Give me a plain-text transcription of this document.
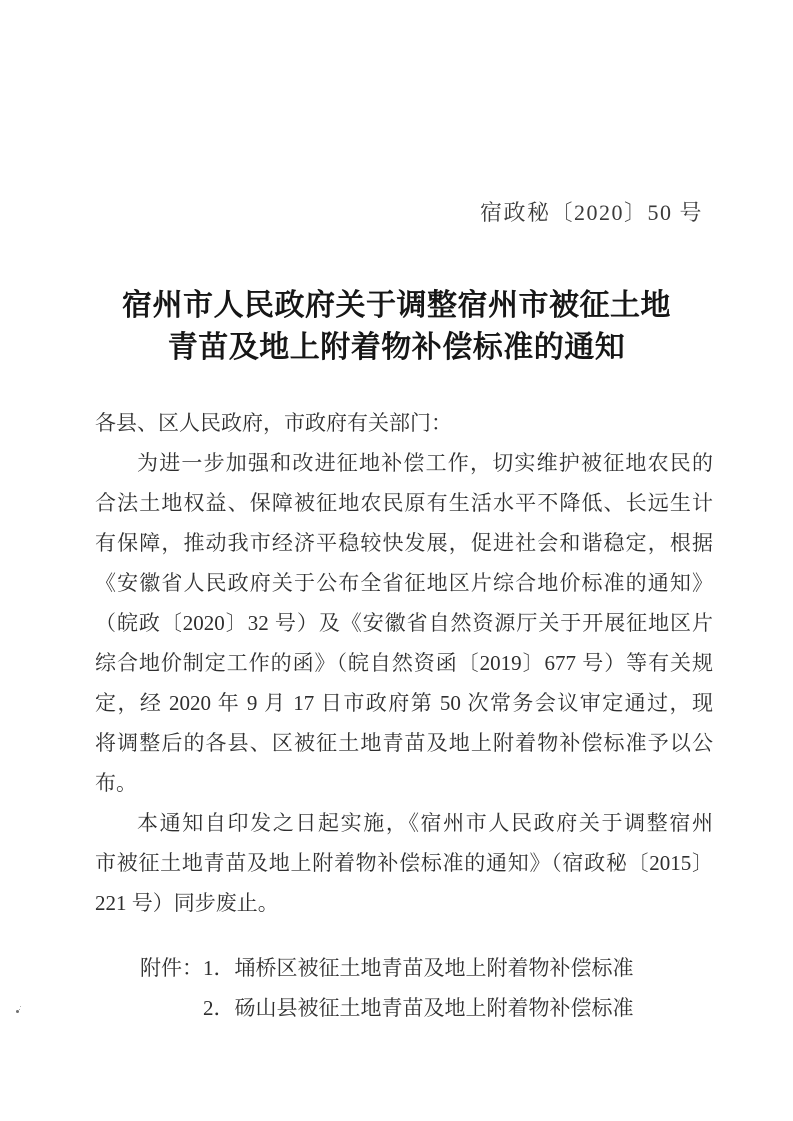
宿政秘〔2020〕50 号
宿州市人民政府关于调整宿州市被征土地
青苗及地上附着物补偿标准的通知
各县、区人民政府，市政府有关部门：
为进一步加强和改进征地补偿工作，切实维护被征地农民的
合法土地权益、保障被征地农民原有生活水平不降低、长远生计
有保障，推动我市经济平稳较快发展，促进社会和谐稳定，根据
《安徽省人民政府关于公布全省征地区片综合地价标准的通知》
（皖政〔2020〕32 号）及《安徽省自然资源厅关于开展征地区片
综合地价制定工作的函》（皖自然资函〔2019〕677 号）等有关规
定，经 2020 年 9 月 17 日市政府第 50 次常务会议审定通过，现
将调整后的各县、区被征土地青苗及地上附着物补偿标准予以公
布。
本通知自印发之日起实施，《宿州市人民政府关于调整宿州
市被征土地青苗及地上附着物补偿标准的通知》（宿政秘〔2015〕
221 号）同步废止。
附件： 1．埇桥区被征土地青苗及地上附着物补偿标准
2．砀山县被征土地青苗及地上附着物补偿标准
